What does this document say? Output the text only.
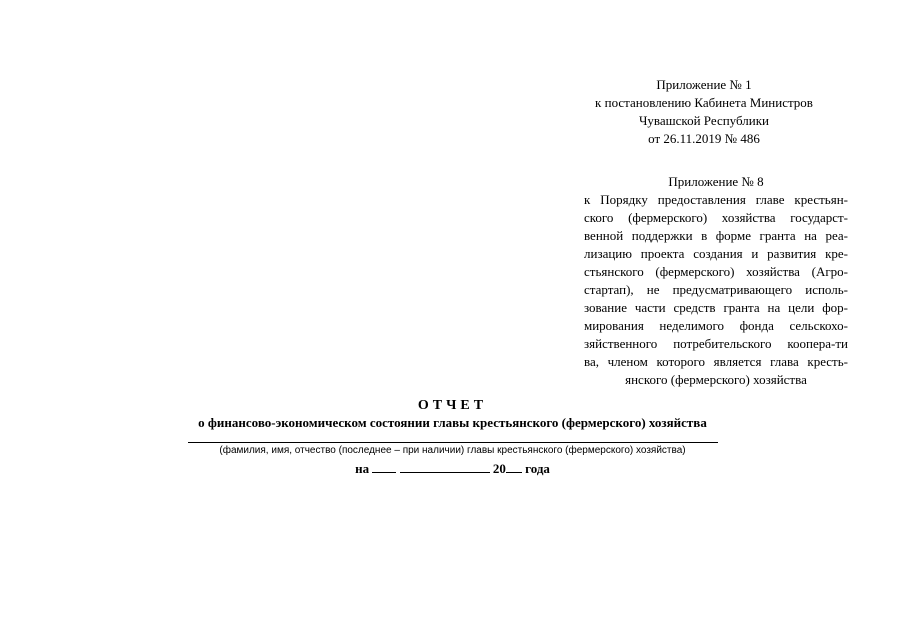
Приложение № 1
к постановлению Кабинета Министров
Чувашской Республики
от 26.11.2019 № 486
Приложение № 8
к Порядку предоставления главе крестьян-
ского (фермерского) хозяйства государст-
венной поддержки в форме гранта на реа-
лизацию проекта создания и развития кре-
стьянского (фермерского) хозяйства (Агро-
стартап), не предусматривающего исполь-
зование части средств гранта на цели фор-
мирования неделимого фонда сельскохо-
зяйственного потребительского коопера-ти
ва, членом которого является глава кресть-
янского (фермерского) хозяйства
ОТЧЕТ
о финансово-экономическом состоянии главы крестьянского (фермерского) хозяйства
(фамилия, имя, отчество (последнее – при наличии) главы крестьянского (фермерского) хозяйства)
на	20 года
